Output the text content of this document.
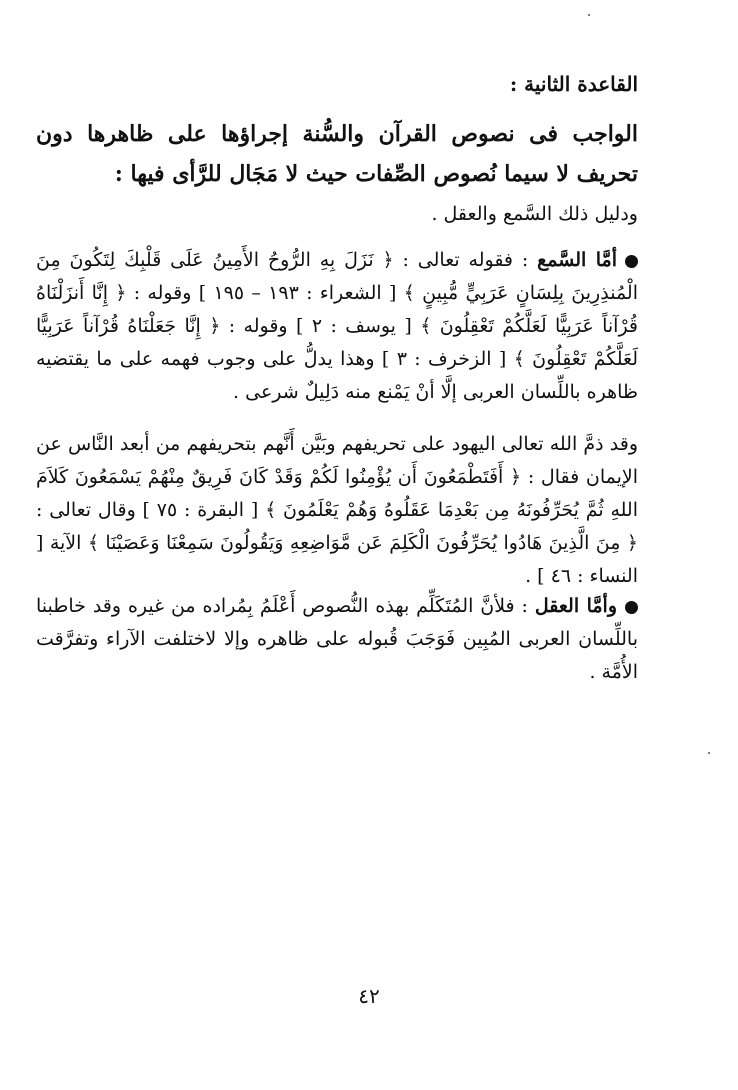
القاعدة الثانية :
الواجب فى نصوص القرآن والسُّنة إجراؤها على ظاهرها دون تحريف لا سيما نُصوص الصِّفات حيث لا مَجَال للرَّأى فيها :
ودليل ذلك السَّمع والعقل .
أمَّا السَّمع : فقوله تعالى : ﴿ نَزَلَ بِهِ الرُّوحُ الأَمِينُ عَلَى قَلْبِكَ لِتَكُونَ مِنَ الْمُنذِرِينَ بِلِسَانٍ عَرَبِيٍّ مُّبِينٍ ﴾ [ الشعراء : ١٩٣ – ١٩٥ ] وقوله : ﴿ إِنَّا أَنزَلْنَاهُ قُرْآناً عَرَبِيًّا لَعَلَّكُمْ تَعْقِلُونَ ﴾ [ يوسف : ٢ ] وقوله : ﴿ إِنَّا جَعَلْنَاهُ قُرْآناً عَرَبِيًّا لَعَلَّكُمْ تَعْقِلُونَ ﴾ [ الزخرف : ٣ ] وهذا يدلُّ على وجوب فهمه على ما يقتضيه ظاهره باللِّسان العربى إلَّا أنْ يَمْنع منه دَلِيلٌ شرعى .
وقد ذمَّ الله تعالى اليهود على تحريفهم وبَيَّن أَنَّهم بتحريفهم من أبعد النَّاس عن الإيمان فقال : ﴿ أَفَتَطْمَعُونَ أَن يُؤْمِنُوا لَكُمْ وَقَدْ كَانَ فَرِيقٌ مِنْهُمْ يَسْمَعُونَ كَلاَمَ اللهِ ثُمَّ يُحَرِّفُونَهُ مِن بَعْدِمَا عَقَلُوهُ وَهُمْ يَعْلَمُونَ ﴾ [ البقرة : ٧٥ ] وقال تعالى : ﴿ مِنَ الَّذِينَ هَادُوا يُحَرِّفُونَ الْكَلِمَ عَن مَّوَاضِعِهِ وَيَقُولُونَ سَمِعْنَا وَعَصَيْنَا ﴾ الآية [ النساء : ٤٦ ] .
وأمَّا العقل : فلأنَّ المُتَكَلِّم بهذه النُّصوص أَعْلَمُ بِمُراده من غيره وقد خاطبنا باللِّسان العربى المُبِين فَوَجَبَ قُبوله على ظاهره وإلا لاختلفت الآراء وتفرَّقت الأُمَّة .
٤٢
